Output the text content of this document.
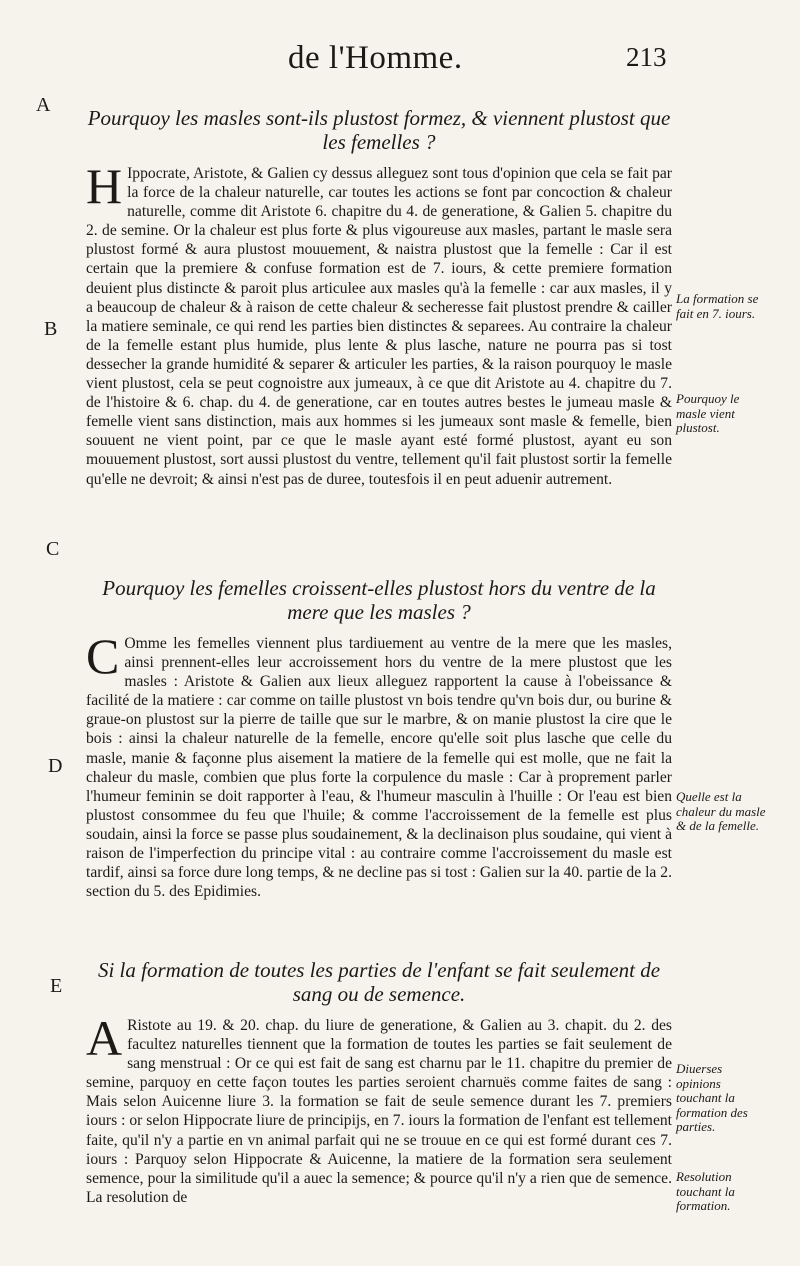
de l'Homme.	213
A
B
C
D
E
Pourquoy les masles sont-ils plustost formez, & viennent plustost que les femelles ?

H Ippocrate, Aristote, & Galien cy dessus alleguez sont tous d'opinion que cela se fait par la force de la chaleur naturelle, car toutes les actions se font par concoction & chaleur naturelle, comme dit Aristote 6. chapitre du 4. de generatione, & Galien 5. chapitre du 2. de semine. Or la chaleur est plus forte & plus vigoureuse aux masles, partant le masle sera plustost formé & aura plustost mouuement, & naistra plustost que la femelle : Car il est certain que la premiere & confuse formation est de 7. iours, & cette premiere formation deuient plus distincte & paroit plus articulee aux masles qu'à la femelle : car aux masles, il y a beaucoup de chaleur & à raison de cette chaleur & secheresse fait plustost prendre & cailler la matiere seminale, ce qui rend les parties bien distinctes & separees. Au contraire la chaleur de la femelle estant plus humide, plus lente & plus lasche, nature ne pourra pas si tost dessecher la grande humidité & separer & articuler les parties, & la raison pourquoy le masle vient plustost, cela se peut cognoistre aux jumeaux, à ce que dit Aristote au 4. chapitre du 7. de l'histoire & 6. chap. du 4. de generatione, car en toutes autres bestes le jumeau masle & femelle vient sans distinction, mais aux hommes si les jumeaux sont masle & femelle, bien souuent ne vient point, par ce que le masle ayant esté formé plustost, ayant eu son mouuement plustost, sort aussi plustost du ventre, tellement qu'il fait plustost sortir la femelle qu'elle ne devroit; & ainsi n'est pas de duree, toutesfois il en peut aduenir autrement.

Pourquoy les femelles croissent-elles plustost hors du ventre de la mere que les masles ?

C Omme les femelles viennent plus tardiuement au ventre de la mere que les masles, ainsi prennent-elles leur accroissement hors du ventre de la mere plustost que les masles : Aristote & Galien aux lieux alleguez rapportent la cause à l'obeissance & facilité de la matiere : car comme on taille plustost vn bois tendre qu'vn bois dur, ou burine & graue-on plustost sur la pierre de taille que sur le marbre, & on manie plustost la cire que le bois : ainsi la chaleur naturelle de la femelle, encore qu'elle soit plus lasche que celle du masle, manie & façonne plus aisement la matiere de la femelle qui est molle, que ne fait la chaleur du masle, combien que plus forte la corpulence du masle : Car à proprement parler l'humeur feminin se doit rapporter à l'eau, & l'humeur masculin à l'huille : Or l'eau est bien plustost consommee du feu que l'huile; & comme l'accroissement de la femelle est plus soudain, ainsi la force se passe plus soudainement, & la declinaison plus soudaine, qui vient à raison de l'imperfection du principe vital : au contraire comme l'accroissement du masle est tardif, ainsi sa force dure long temps, & ne decline pas si tost : Galien sur la 40. partie de la 2. section du 5. des Epidimies.

Si la formation de toutes les parties de l'enfant se fait seulement de sang ou de semence.

A Ristote au 19. & 20. chap. du liure de generatione, & Galien au 3. chapit. du 2. des facultez naturelles tiennent que la formation de toutes les parties se fait seulement de sang menstrual : Or ce qui est fait de sang est charnu par le 11. chapitre du premier de semine, parquoy en cette façon toutes les parties seroient charnuës comme faites de sang : Mais selon Auicenne liure 3. la formation se fait de seule semence durant les 7. premiers iours : or selon Hippocrate liure de principijs, en 7. iours la formation de l'enfant est tellement faite, qu'il n'y a partie en vn animal parfait qui ne se trouue en ce qui est formé durant ces 7. iours : Parquoy selon Hippocrate & Auicenne, la matiere de la formation sera seulement semence, pour la similitude qu'il a auec la semence; & pource qu'il n'y a rien que de semence. La resolution de

La formation se fait en 7. iours.
Pourquoy le masle vient plustost.
Quelle est la chaleur du masle & de la femelle.
Diuerses opinions touchant la formation des parties.
Resolution touchant la formation.
